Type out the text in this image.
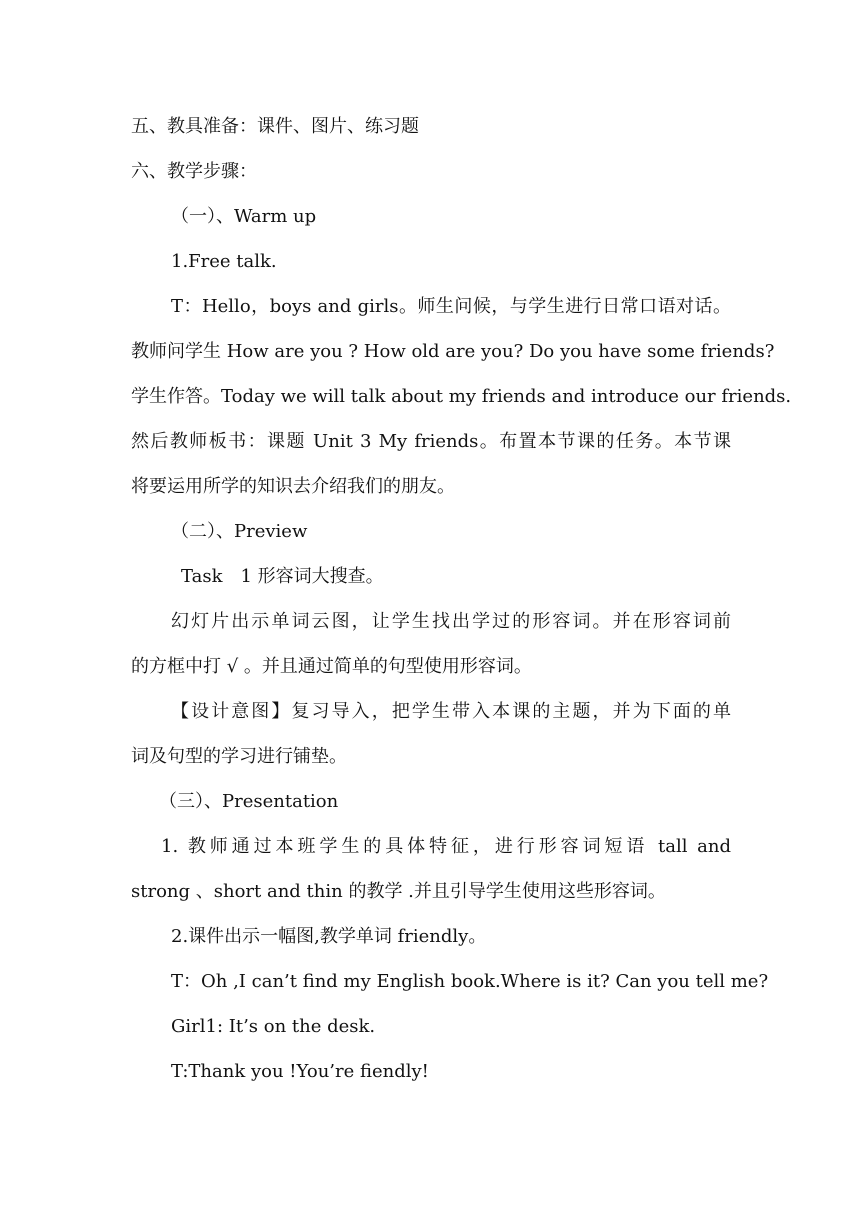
五、教具准备：课件、图片、练习题
六、教学步骤：
（一）、Warm up
1.Free talk.
T：Hello，boys and girls。师生问候，与学生进行日常口语对话。
教师问学生 How are you ? How old are you? Do you have some friends?
学生作答。Today we will talk about my friends and introduce our friends.
然后教师板书：课题 Unit 3 My friends。布置本节课的任务。本节课
将要运用所学的知识去介绍我们的朋友。
（二）、Preview
Task　1 形容词大搜查。
幻灯片出示单词云图，让学生找出学过的形容词。并在形容词前
的方框中打 √ 。并且通过简单的句型使用形容词。
【设计意图】复习导入，把学生带入本课的主题，并为下面的单
词及句型的学习进行铺垫。
（三）、Presentation
1. 教师通过本班学生的具体特征，进行形容词短语 tall and
strong 、short and thin 的教学 .并且引导学生使用这些形容词。
2.课件出示一幅图,教学单词 friendly。
T：Oh ,I can’t find my English book.Where is it? Can you tell me?
Girl1: It’s on the desk.
T:Thank you !You’re fiendly!
